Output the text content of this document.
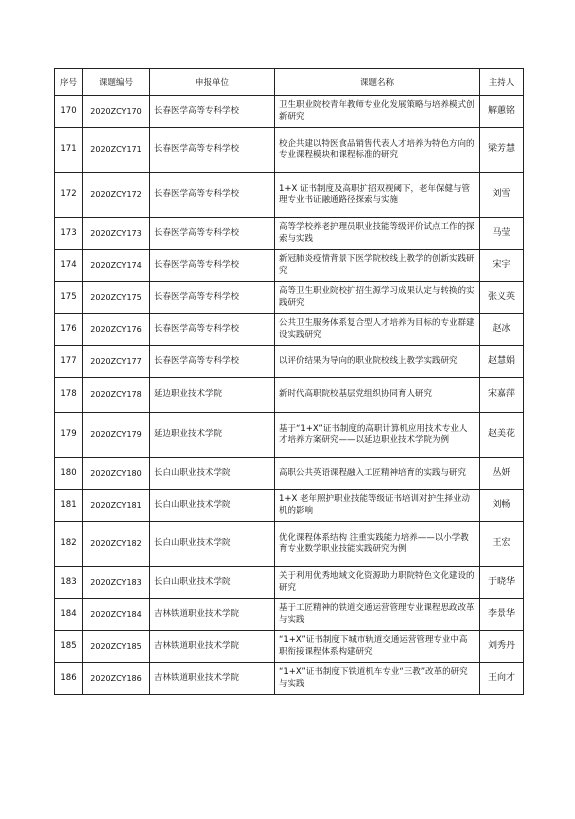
序号	课题编号	申报单位	课题名称	主持人
170	2020ZCY170	长春医学高等专科学校	卫生职业院校青年教师专业化发展策略与培养模式创新研究	解蕙铭
171	2020ZCY171	长春医学高等专科学校	校企共建以特医食品销售代表人才培养为特色方向的专业课程模块和课程标准的研究	梁芳慧
172	2020ZCY172	长春医学高等专科学校	1+X 证书制度及高职扩招双视阈下，老年保健与管理专业书证融通路径探索与实施	刘雪
173	2020ZCY173	长春医学高等专科学校	高等学校养老护理员职业技能等级评价试点工作的探索与实践	马莹
174	2020ZCY174	长春医学高等专科学校	新冠肺炎疫情背景下医学院校线上教学的创新实践研究	宋宇
175	2020ZCY175	长春医学高等专科学校	高等卫生职业院校扩招生源学习成果认定与转换的实践研究	张义英
176	2020ZCY176	长春医学高等专科学校	公共卫生服务体系复合型人才培养为目标的专业群建设实践研究	赵冰
177	2020ZCY177	长春医学高等专科学校	以评价结果为导向的职业院校线上教学实践研究	赵慧娟
178	2020ZCY178	延边职业技术学院	新时代高职院校基层党组织协同育人研究	宋嘉萍
179	2020ZCY179	延边职业技术学院	基于“1+X”证书制度的高职计算机应用技术专业人才培养方案研究——以延边职业技术学院为例	赵美花
180	2020ZCY180	长白山职业技术学院	高职公共英语课程融入工匠精神培育的实践与研究	丛妍
181	2020ZCY181	长白山职业技术学院	1+X 老年照护职业技能等级证书培训对护生择业动机的影响	刘畅
182	2020ZCY182	长白山职业技术学院	优化课程体系结构 注重实践能力培养——以小学教育专业数学职业技能实践研究为例	王宏
183	2020ZCY183	长白山职业技术学院	关于利用优秀地域文化资源助力职院特色文化建设的研究	于晓华
184	2020ZCY184	吉林铁道职业技术学院	基于工匠精神的铁道交通运营管理专业课程思政改革与实践	李景华
185	2020ZCY185	吉林铁道职业技术学院	“1+X”证书制度下城市轨道交通运营管理专业中高职衔接课程体系构建研究	刘秀丹
186	2020ZCY186	吉林铁道职业技术学院	“1+X”证书制度下铁道机车专业“三教”改革的研究与实践	王向才
